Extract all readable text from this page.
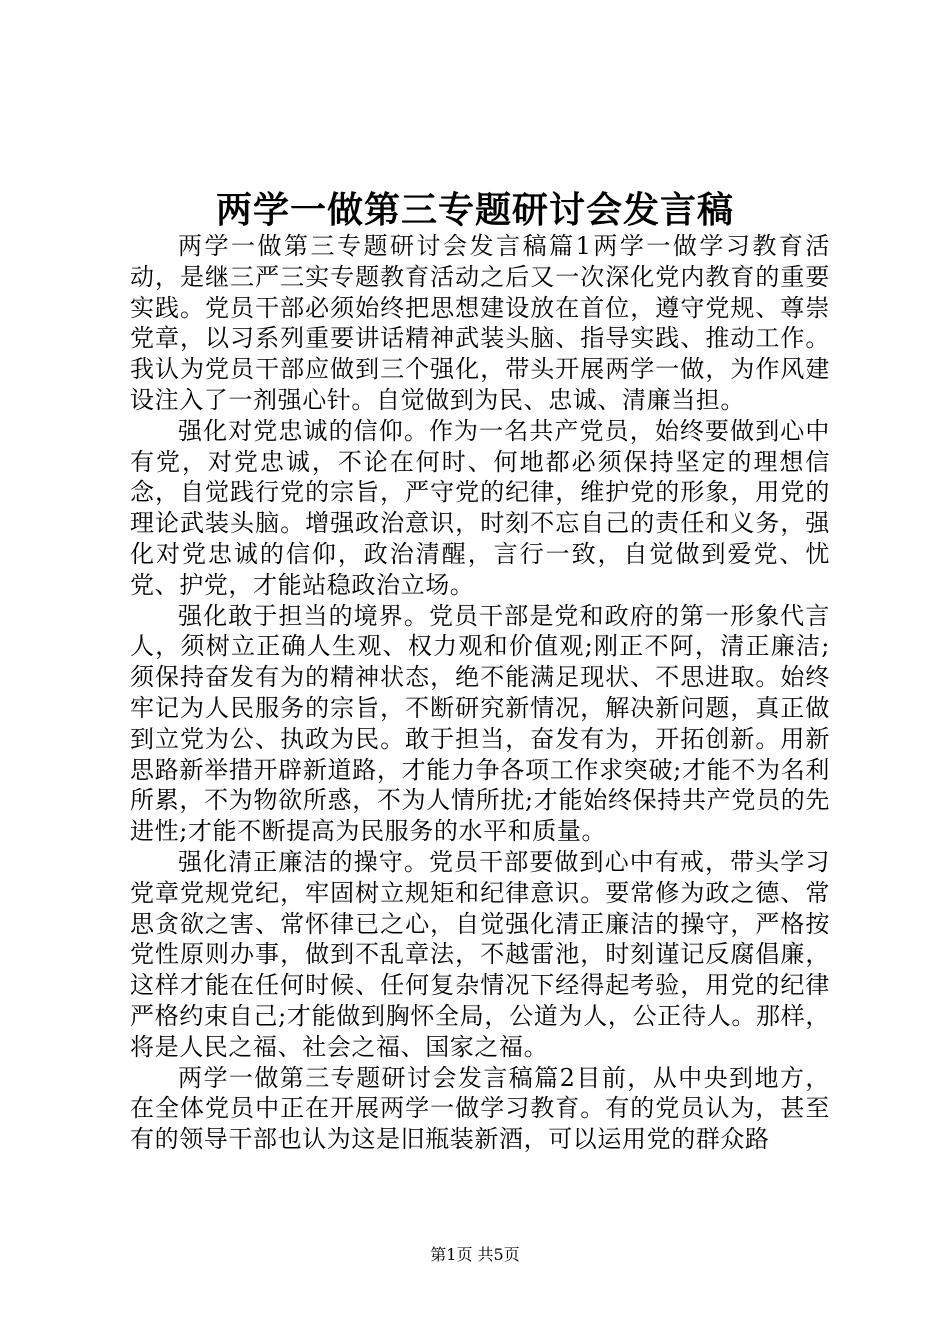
两学一做第三专题研讨会发言稿

两学一做第三专题研讨会发言稿篇1两学一做学习教育活动，是继三严三实专题教育活动之后又一次深化党内教育的重要实践。党员干部必须始终把思想建设放在首位，遵守党规、尊崇党章，以习系列重要讲话精神武装头脑、指导实践、推动工作。我认为党员干部应做到三个强化，带头开展两学一做，为作风建设注入了一剂强心针。自觉做到为民、忠诚、清廉当担。

强化对党忠诚的信仰。作为一名共产党员，始终要做到心中有党，对党忠诚，不论在何时、何地都必须保持坚定的理想信念，自觉践行党的宗旨，严守党的纪律，维护党的形象，用党的理论武装头脑。增强政治意识，时刻不忘自己的责任和义务，强化对党忠诚的信仰，政治清醒，言行一致，自觉做到爱党、忧党、护党，才能站稳政治立场。

强化敢于担当的境界。党员干部是党和政府的第一形象代言人，须树立正确人生观、权力观和价值观;刚正不阿，清正廉洁;须保持奋发有为的精神状态，绝不能满足现状、不思进取。始终牢记为人民服务的宗旨，不断研究新情况，解决新问题，真正做到立党为公、执政为民。敢于担当，奋发有为，开拓创新。用新思路新举措开辟新道路，才能力争各项工作求突破;才能不为名利所累，不为物欲所惑，不为人情所扰;才能始终保持共产党员的先进性;才能不断提高为民服务的水平和质量。

强化清正廉洁的操守。党员干部要做到心中有戒，带头学习党章党规党纪，牢固树立规矩和纪律意识。要常修为政之德、常思贪欲之害、常怀律已之心，自觉强化清正廉洁的操守，严格按党性原则办事，做到不乱章法，不越雷池，时刻谨记反腐倡廉，这样才能在任何时候、任何复杂情况下经得起考验，用党的纪律严格约束自己;才能做到胸怀全局，公道为人，公正待人。那样，将是人民之福、社会之福、国家之福。

两学一做第三专题研讨会发言稿篇2目前，从中央到地方，在全体党员中正在开展两学一做学习教育。有的党员认为，甚至有的领导干部也认为这是旧瓶装新酒，可以运用党的群众路

第1页 共5页
